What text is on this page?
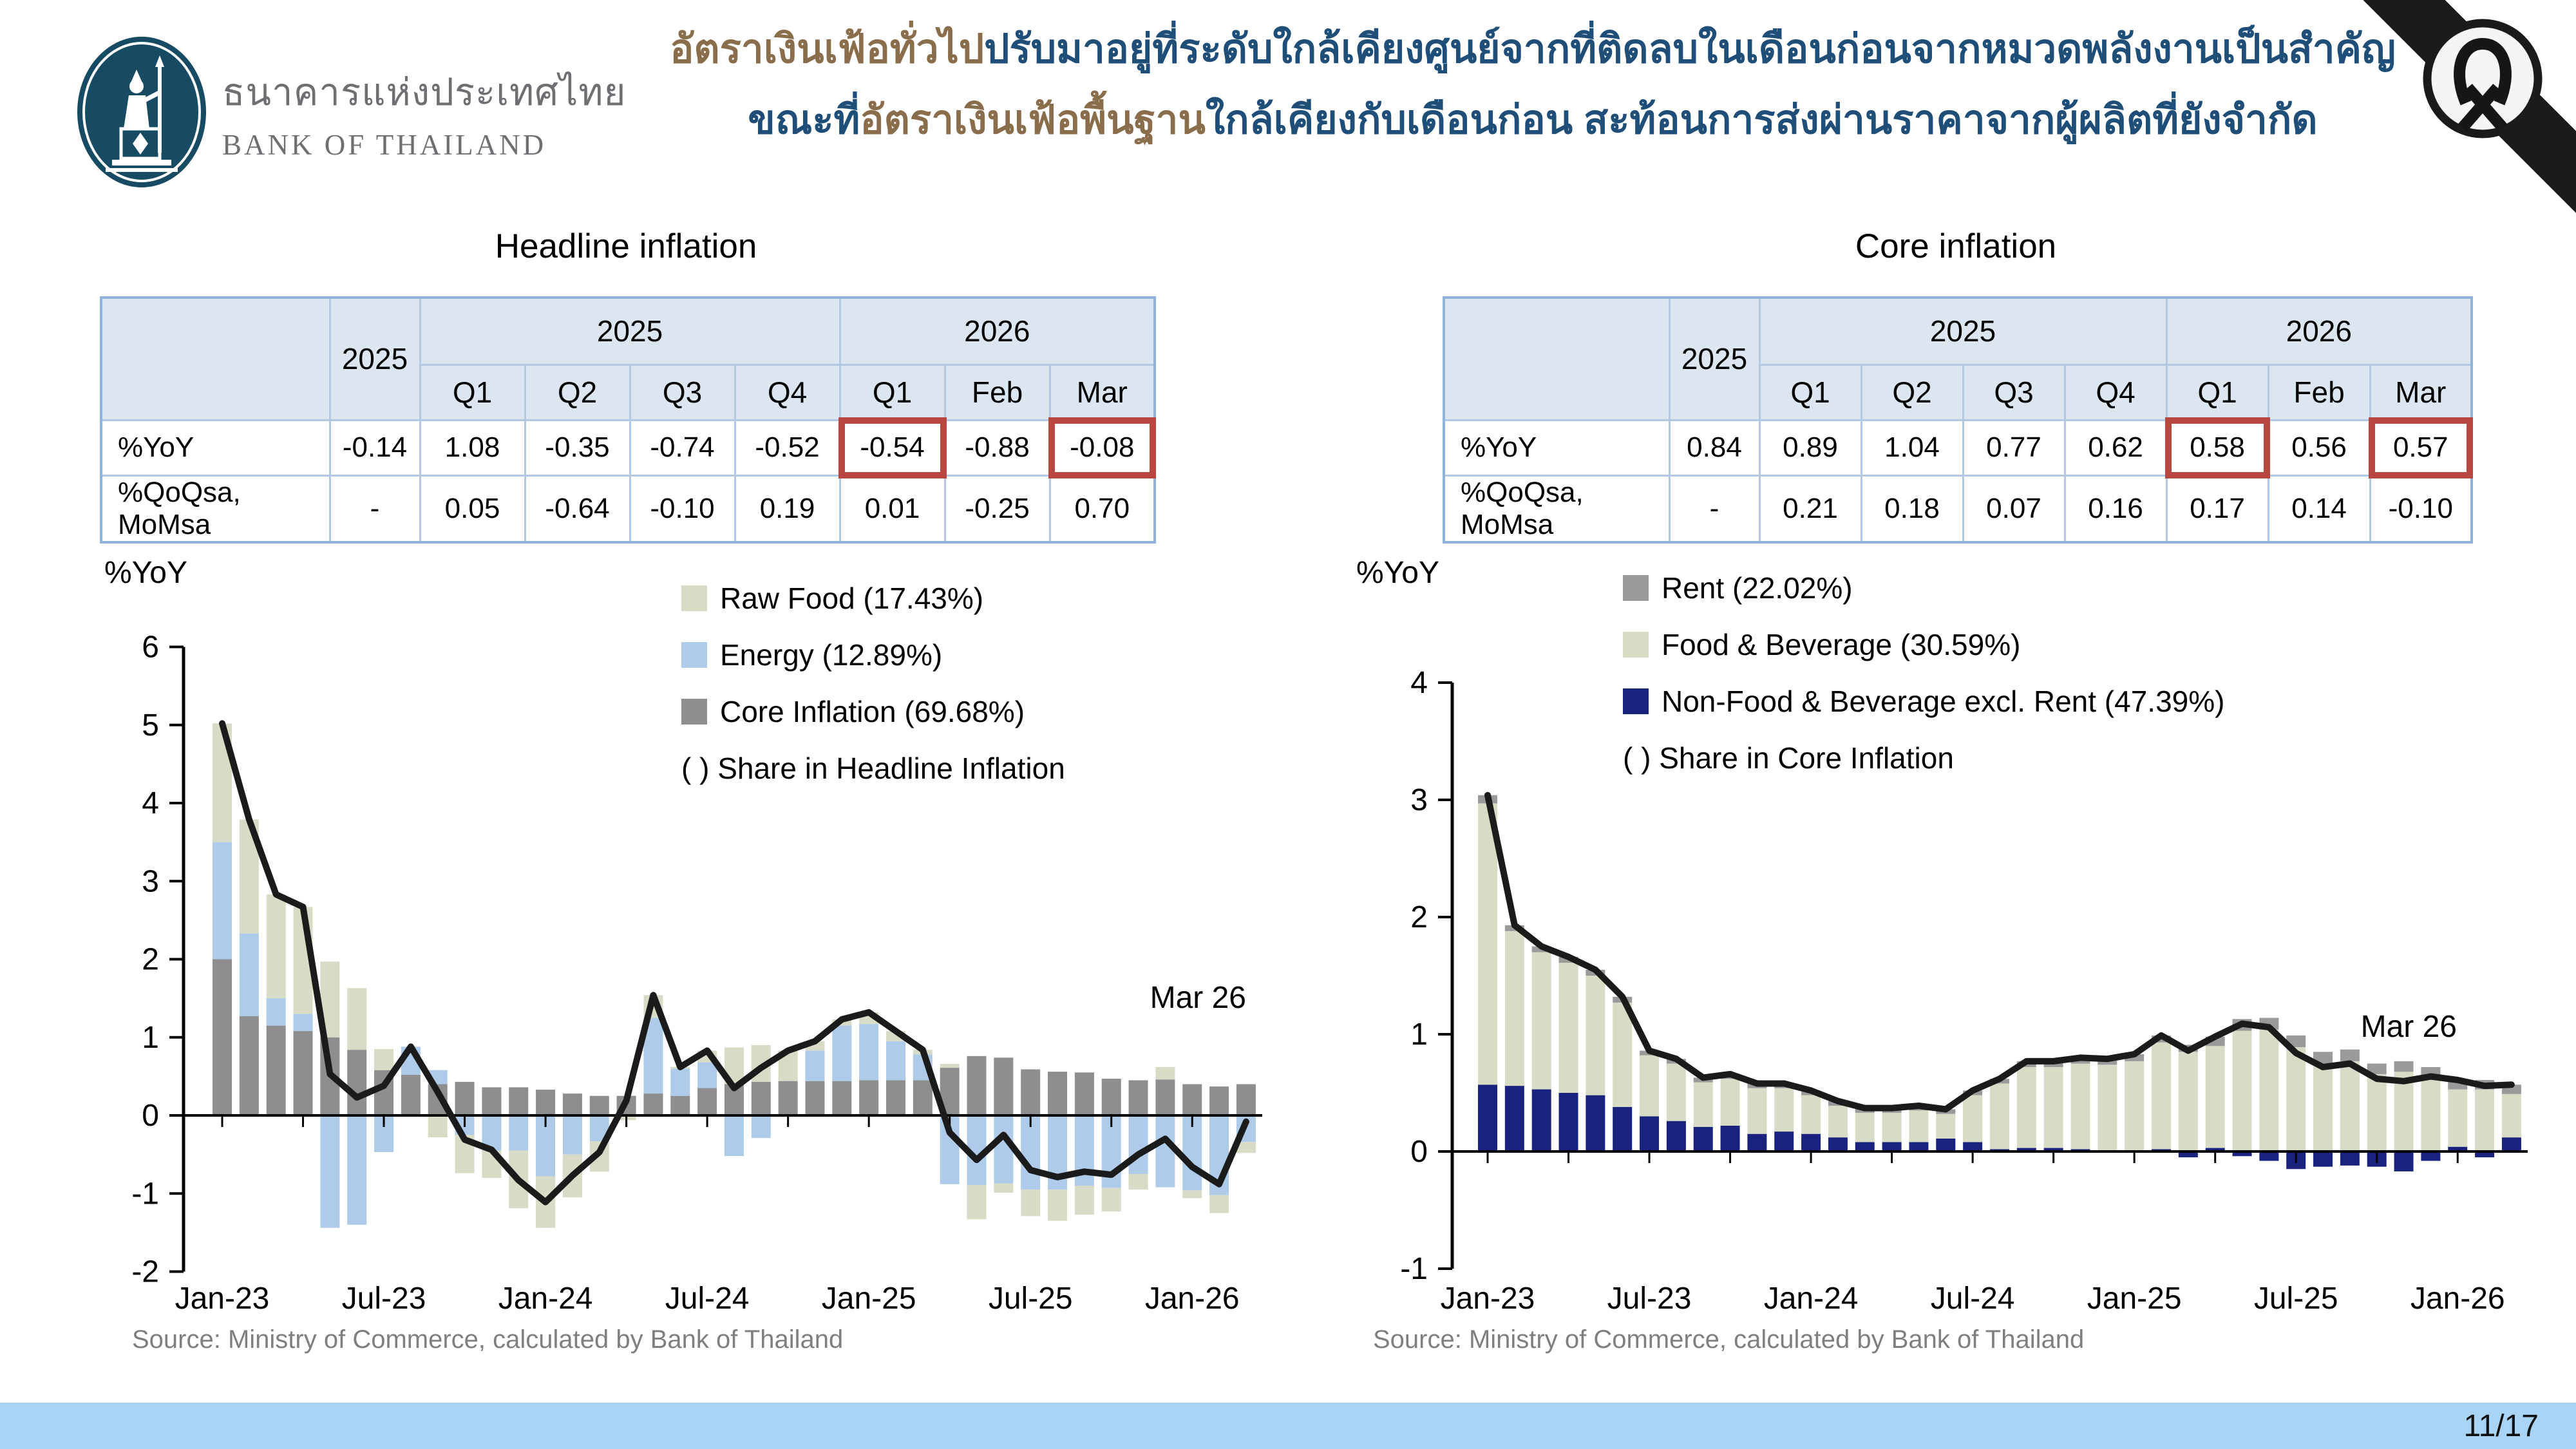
ธนาคารแห่งประเทศไทย
BANK OF THAILAND
อัตราเงินเฟ้อทั่วไปปรับมาอยู่ที่ระดับใกล้เคียงศูนย์จากที่ติดลบในเดือนก่อนจากหมวดพลังงานเป็นสำคัญ
ขณะที่อัตราเงินเฟ้อพื้นฐานใกล้เคียงกับเดือนก่อน สะท้อนการส่งผ่านราคาจากผู้ผลิตที่ยังจำกัด
Headline inflation	Core inflation
	2025	2025				2026		
		Q1	Q2	Q3	Q4	Q1	Feb	Mar
%YoY	-0.14	1.08	-0.35	-0.74	-0.52	-0.54	-0.88	-0.08
%QoQsa, MoMsa	-	0.05	-0.64	-0.10	0.19	0.01	-0.25	0.70
	2025	2025				2026		
		Q1	Q2	Q3	Q4	Q1	Feb	Mar
%YoY	0.84	0.89	1.04	0.77	0.62	0.58	0.56	0.57
%QoQsa, MoMsa	-	0.21	0.18	0.07	0.16	0.17	0.14	-0.10
%YoY	%YoY
6
5
4
3
2
1
0
-1
-2
Jan-23 Jul-23 Jan-24 Jul-24 Jan-25 Jul-25 Jan-26
Mar 26
4
3
2
1
0
-1
Jan-23 Jul-23 Jan-24 Jul-24 Jan-25 Jul-25 Jan-26
Mar 26
Raw Food (17.43%)
Energy (12.89%)
Core Inflation (69.68%)
( ) Share in Headline Inflation
Rent (22.02%)
Food & Beverage (30.59%)
Non-Food & Beverage excl. Rent (47.39%)
( ) Share in Core Inflation
Source: Ministry of Commerce, calculated by Bank of Thailand	Source: Ministry of Commerce, calculated by Bank of Thailand
11/17
